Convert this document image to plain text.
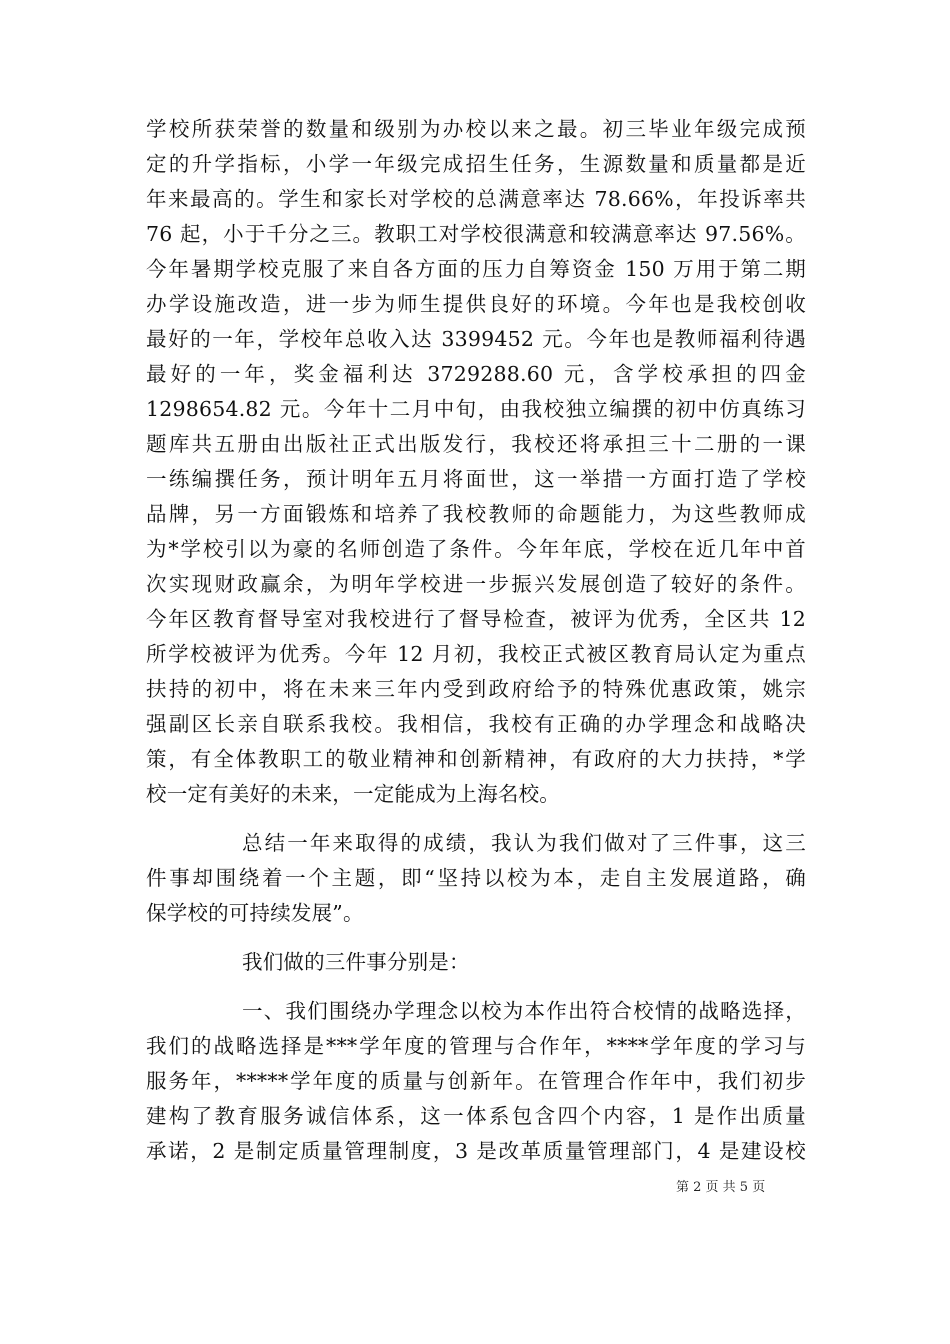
学校所获荣誉的数量和级别为办校以来之最。初三毕业年级完成预
定的升学指标，小学一年级完成招生任务，生源数量和质量都是近
年来最高的。学生和家长对学校的总满意率达 78.66%，年投诉率共
76 起，小于千分之三。教职工对学校很满意和较满意率达 97.56%。
今年暑期学校克服了来自各方面的压力自筹资金 150 万用于第二期
办学设施改造，进一步为师生提供良好的环境。今年也是我校创收
最好的一年，学校年总收入达 3399452 元。今年也是教师福利待遇
最好的一年，奖金福利达 3729288.60 元，含学校承担的四金
1298654.82 元。今年十二月中旬，由我校独立编撰的初中仿真练习
题库共五册由出版社正式出版发行，我校还将承担三十二册的一课
一练编撰任务，预计明年五月将面世，这一举措一方面打造了学校
品牌，另一方面锻炼和培养了我校教师的命题能力，为这些教师成
为*学校引以为豪的名师创造了条件。今年年底，学校在近几年中首
次实现财政赢余，为明年学校进一步振兴发展创造了较好的条件。
今年区教育督导室对我校进行了督导检查，被评为优秀，全区共 12
所学校被评为优秀。今年 12 月初，我校正式被区教育局认定为重点
扶持的初中，将在未来三年内受到政府给予的特殊优惠政策，姚宗
强副区长亲自联系我校。我相信，我校有正确的办学理念和战略决
策，有全体教职工的敬业精神和创新精神，有政府的大力扶持，*学
校一定有美好的未来，一定能成为上海名校。
总结一年来取得的成绩，我认为我们做对了三件事，这三
件事却围绕着一个主题，即“坚持以校为本，走自主发展道路，确
保学校的可持续发展”。
我们做的三件事分别是：
一、我们围绕办学理念以校为本作出符合校情的战略选择，
我们的战略选择是***学年度的管理与合作年，****学年度的学习与
服务年，*****学年度的质量与创新年。在管理合作年中，我们初步
建构了教育服务诚信体系，这一体系包含四个内容，1 是作出质量
承诺，2 是制定质量管理制度，3 是改革质量管理部门，4 是建设校
第 2 页 共 5 页
